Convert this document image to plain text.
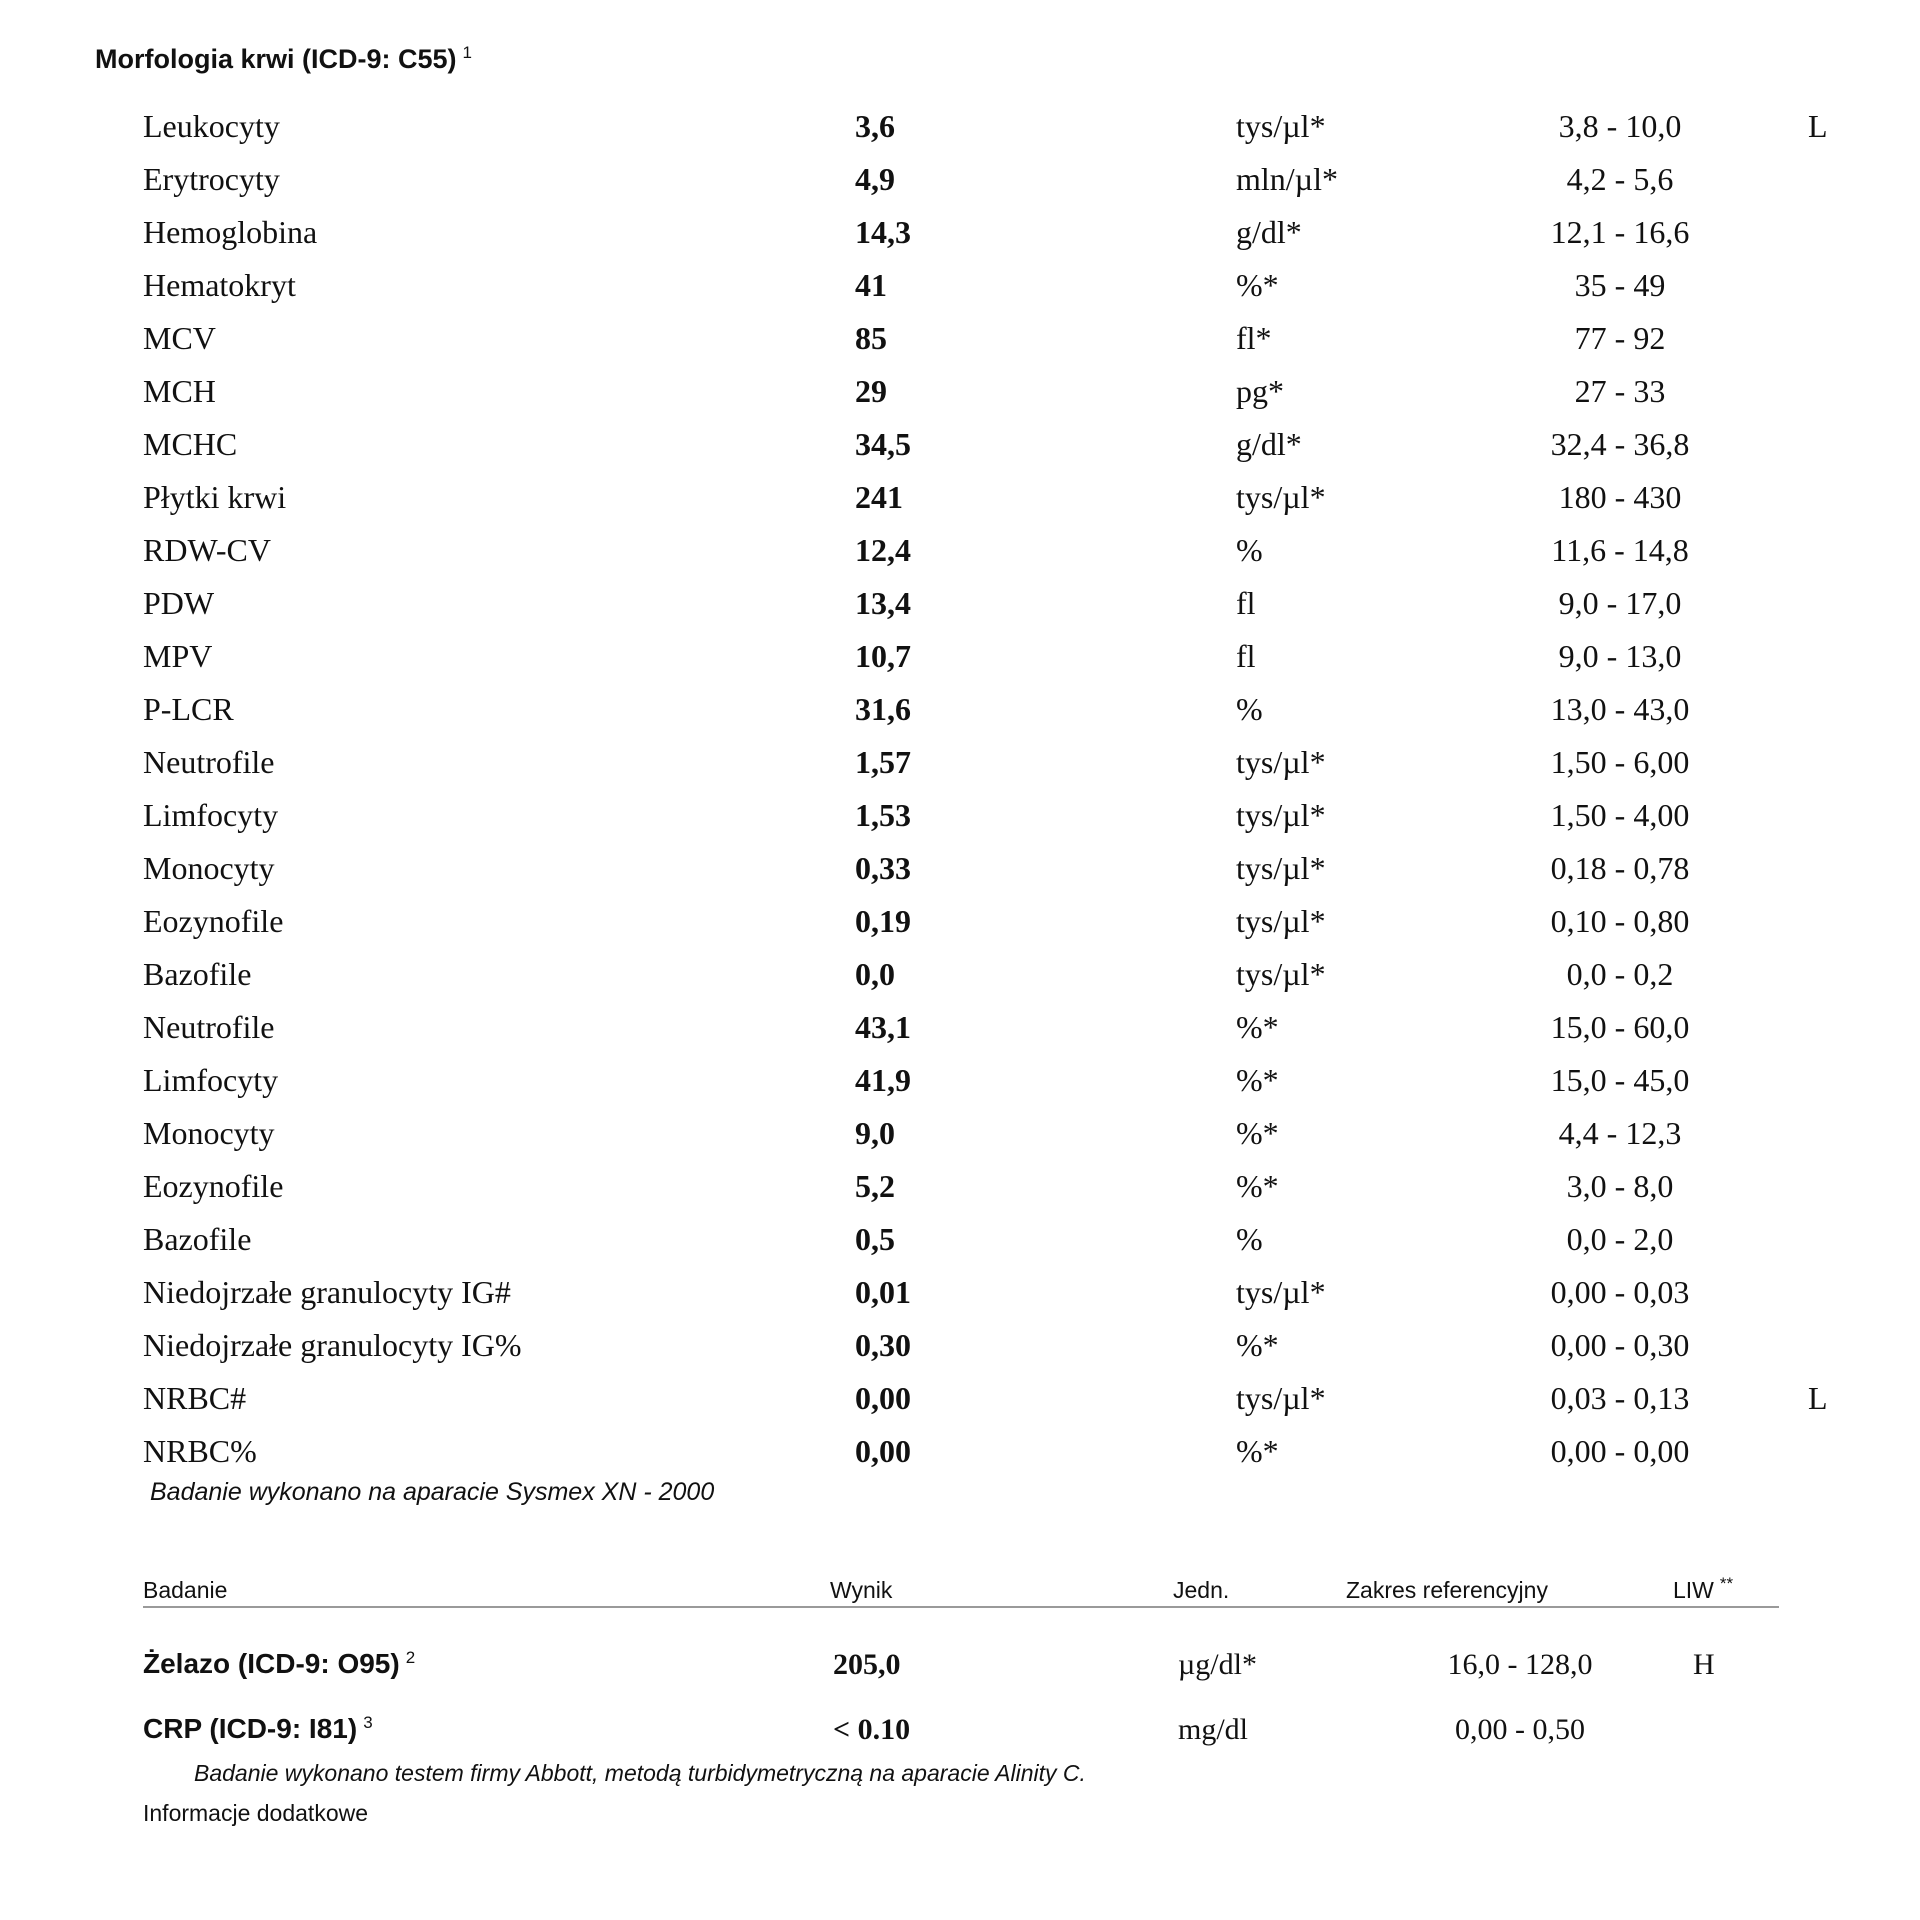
Morfologia krwi (ICD-9: C55) $^1$
Leukocyty	3,6	tys/µl*	3,8 - 10,0	L
Erytrocyty	4,9	mln/µl*	4,2 - 5,6
Hemoglobina	14,3	g/dl*	12,1 - 16,6
Hematokryt	41	%*	35 - 49
MCV	85	fl*	77 - 92
MCH	29	pg*	27 - 33
MCHC	34,5	g/dl*	32,4 - 36,8
Płytki krwi	241	tys/µl*	180 - 430
RDW-CV	12,4	%	11,6 - 14,8
PDW	13,4	fl	9,0 - 17,0
MPV	10,7	fl	9,0 - 13,0
P-LCR	31,6	%	13,0 - 43,0
Neutrofile	1,57	tys/µl*	1,50 - 6,00
Limfocyty	1,53	tys/µl*	1,50 - 4,00
Monocyty	0,33	tys/µl*	0,18 - 0,78
Eozynofile	0,19	tys/µl*	0,10 - 0,80
Bazofile	0,0	tys/µl*	0,0 - 0,2
Neutrofile	43,1	%*	15,0 - 60,0
Limfocyty	41,9	%*	15,0 - 45,0
Monocyty	9,0	%*	4,4 - 12,3
Eozynofile	5,2	%*	3,0 - 8,0
Bazofile	0,5	%	0,0 - 2,0
Niedojrzałe granulocyty IG#	0,01	tys/µl*	0,00 - 0,03
Niedojrzałe granulocyty IG%	0,30	%*	0,00 - 0,30
NRBC#	0,00	tys/µl*	0,03 - 0,13	L
NRBC%	0,00	%*	0,00 - 0,00
Badanie wykonano na aparacie Sysmex XN - 2000
Badanie	Wynik	Jedn.	Zakres referencyjny	LIW **
Żelazo (ICD-9: O95) $^2$	205,0	µg/dl*	16,0 - 128,0	H
CRP (ICD-9: I81) $^3$	< 0.10	mg/dl	0,00 - 0,50
Badanie wykonano testem firmy Abbott, metodą turbidymetryczną na aparacie Alinity C.
Informacje dodatkowe
